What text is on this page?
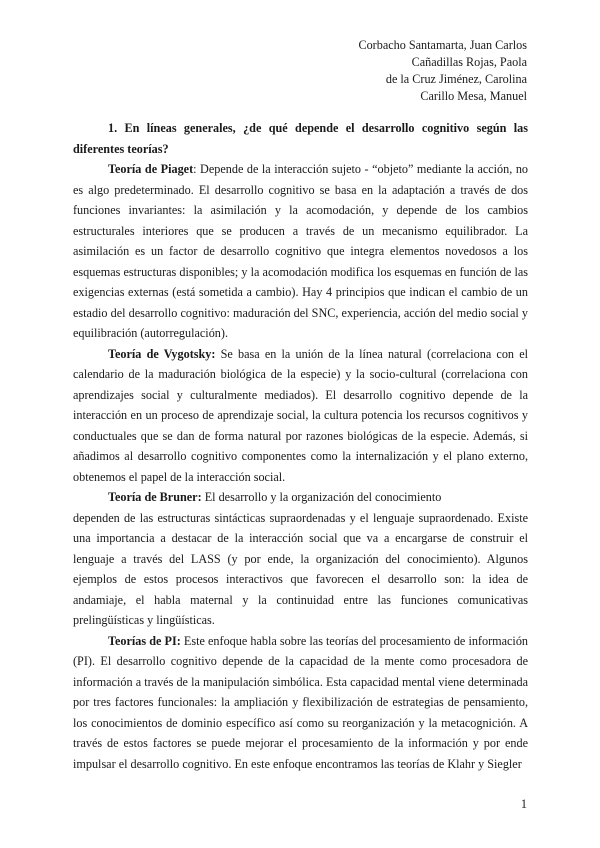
Corbacho Santamarta, Juan Carlos
Cañadillas Rojas, Paola
de la Cruz Jiménez, Carolina
Carillo Mesa, Manuel

1. En líneas generales, ¿de qué depende el desarrollo cognitivo según las diferentes teorías?

Teoría de Piaget: Depende de la interacción sujeto - “objeto” mediante la acción, no es algo predeterminado. El desarrollo cognitivo se basa en la adaptación a través de dos funciones invariantes: la asimilación y la acomodación, y depende de los cambios estructurales interiores que se producen a través de un mecanismo equilibrador. La asimilación es un factor de desarrollo cognitivo que integra elementos novedosos a los esquemas estructuras disponibles; y la acomodación modifica los esquemas en función de las exigencias externas (está sometida a cambio). Hay 4 principios que indican el cambio de un estadio del desarrollo cognitivo: maduración del SNC, experiencia, acción del medio social y equilibración (autorregulación).

Teoría de Vygotsky: Se basa en la unión de la línea natural (correlaciona con el calendario de la maduración biológica de la especie) y la socio-cultural (correlaciona con aprendizajes social y culturalmente mediados). El desarrollo cognitivo depende de la interacción en un proceso de aprendizaje social, la cultura potencia los recursos cognitivos y conductuales que se dan de forma natural por razones biológicas de la especie. Además, si añadimos al desarrollo cognitivo componentes como la internalización y el plano externo, obtenemos el papel de la interacción social.

Teoría de Bruner: El desarrollo y la organización del conocimiento

dependen de las estructuras sintácticas supraordenadas y el lenguaje supraordenado. Existe una importancia a destacar de la interacción social que va a encargarse de construir el lenguaje a través del LASS (y por ende, la organización del conocimiento). Algunos ejemplos de estos procesos interactivos que favorecen el desarrollo son: la idea de andamiaje, el habla maternal y la continuidad entre las funciones comunicativas prelingüísticas y lingüísticas.

Teorías de PI: Este enfoque habla sobre las teorías del procesamiento de información (PI). El desarrollo cognitivo depende de la capacidad de la mente como procesadora de información a través de la manipulación simbólica. Esta capacidad mental viene determinada por tres factores funcionales: la ampliación y flexibilización de estrategias de pensamiento, los conocimientos de dominio específico así como su reorganización y la metacognición. A través de estos factores se puede mejorar el procesamiento de la información y por ende impulsar el desarrollo cognitivo. En este enfoque encontramos las teorías de Klahr y Siegler

1
